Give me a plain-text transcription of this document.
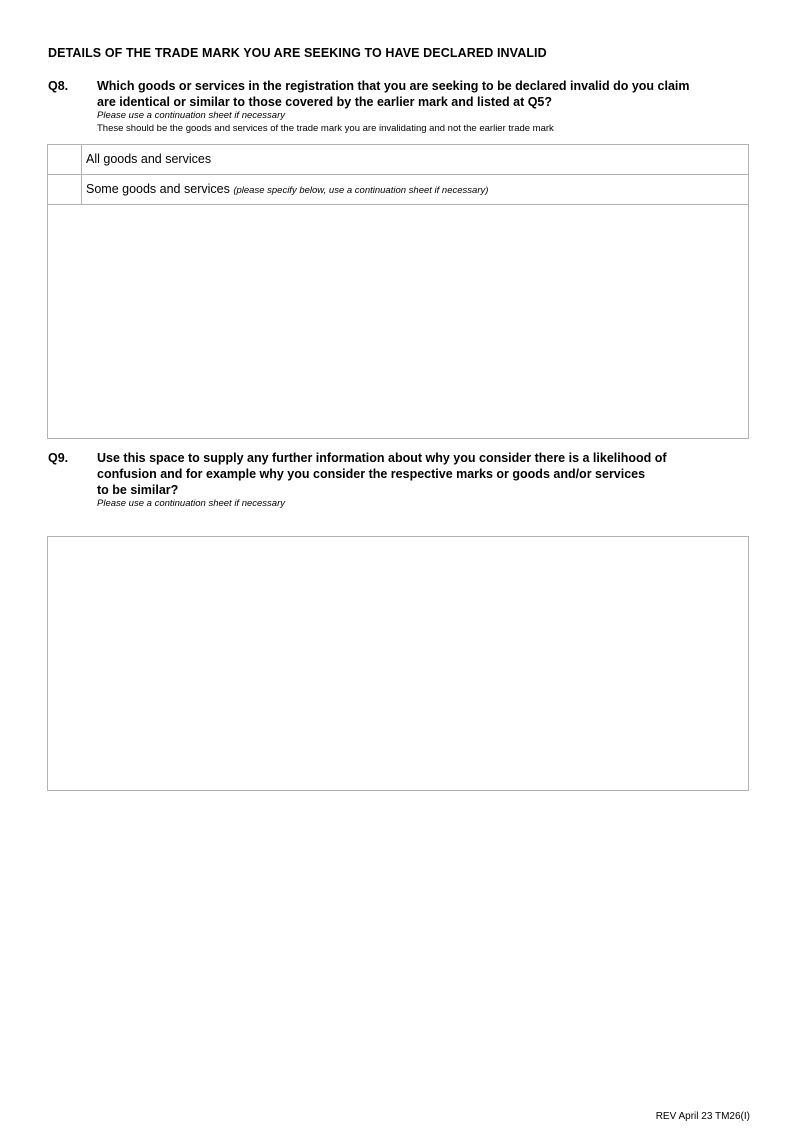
DETAILS OF THE TRADE MARK YOU ARE SEEKING TO HAVE DECLARED INVALID
Q8. Which goods or services in the registration that you are seeking to be declared invalid do you claim
are identical or similar to those covered by the earlier mark and listed at Q5?
Please use a continuation sheet if necessary
These should be the goods and services of the trade mark you are invalidating and not the earlier trade mark
All goods and services
Some goods and services (please specify below, use a continuation sheet if necessary)
Q9. Use this space to supply any further information about why you consider there is a likelihood of
confusion and for example why you consider the respective marks or goods and/or services
to be similar?
Please use a continuation sheet if necessary
REV April 23 TM26(I)
